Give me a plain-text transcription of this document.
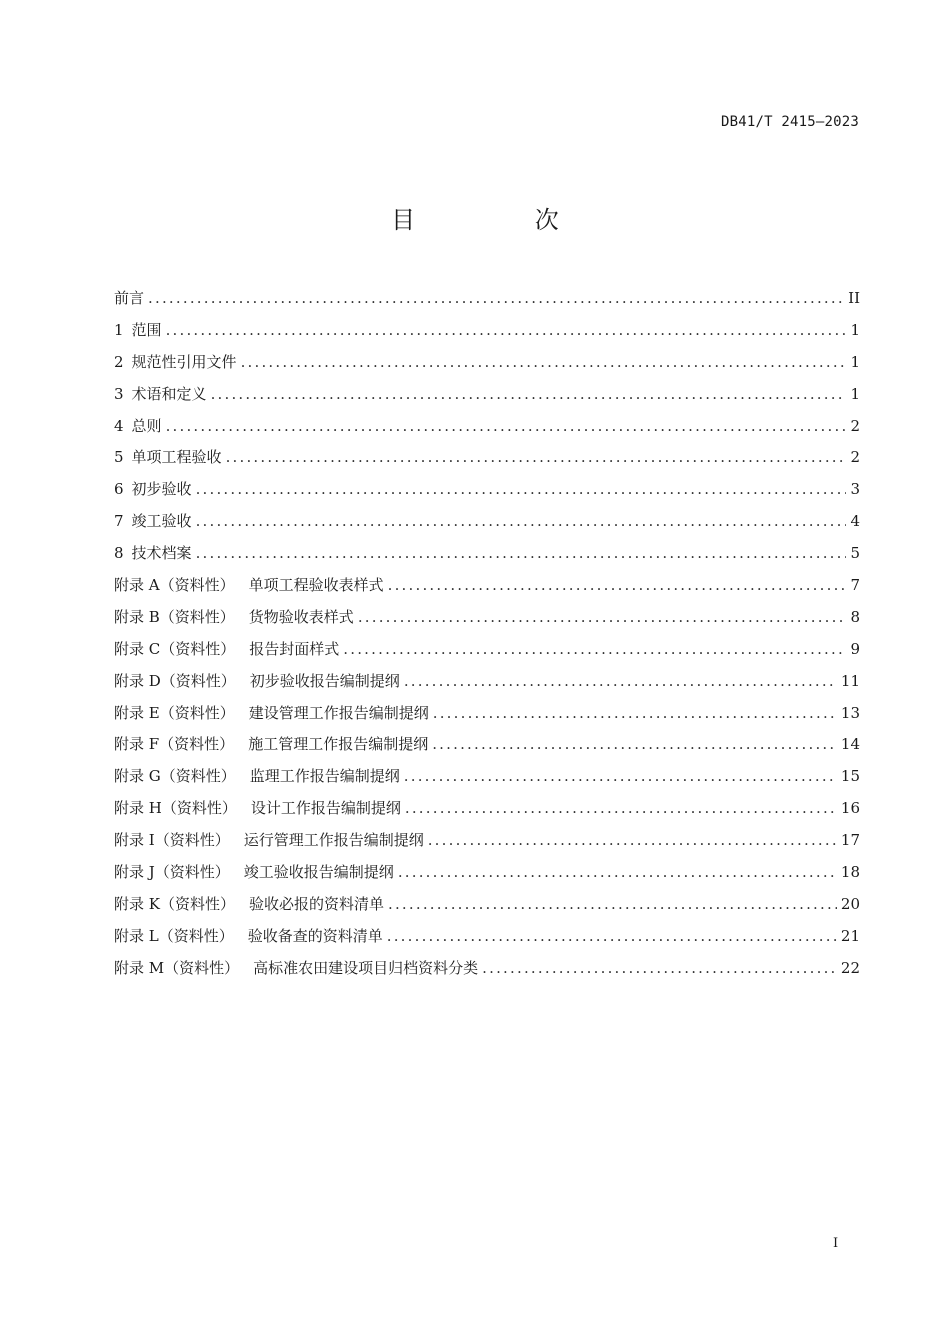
DB41/T 2415—2023
目 次
前言 .....	II
1 范围 .....	1
2 规范性引用文件 .....	1
3 术语和定义 .....	1
4 总则 .....	2
5 单项工程验收 .....	2
6 初步验收 .....	3
7 竣工验收 .....	4
8 技术档案 .....	5
附录 A（资料性） 单项工程验收表样式 .....	7
附录 B（资料性） 货物验收表样式 .....	8
附录 C（资料性） 报告封面样式 .....	9
附录 D（资料性） 初步验收报告编制提纲 .....	11
附录 E（资料性） 建设管理工作报告编制提纲 .....	13
附录 F（资料性） 施工管理工作报告编制提纲 .....	14
附录 G（资料性） 监理工作报告编制提纲 .....	15
附录 H（资料性） 设计工作报告编制提纲 .....	16
附录 I（资料性） 运行管理工作报告编制提纲 .....	17
附录 J（资料性） 竣工验收报告编制提纲 .....	18
附录 K（资料性） 验收必报的资料清单 .....	20
附录 L（资料性） 验收备查的资料清单 .....	21
附录 M（资料性） 高标准农田建设项目归档资料分类 .....	22
I
